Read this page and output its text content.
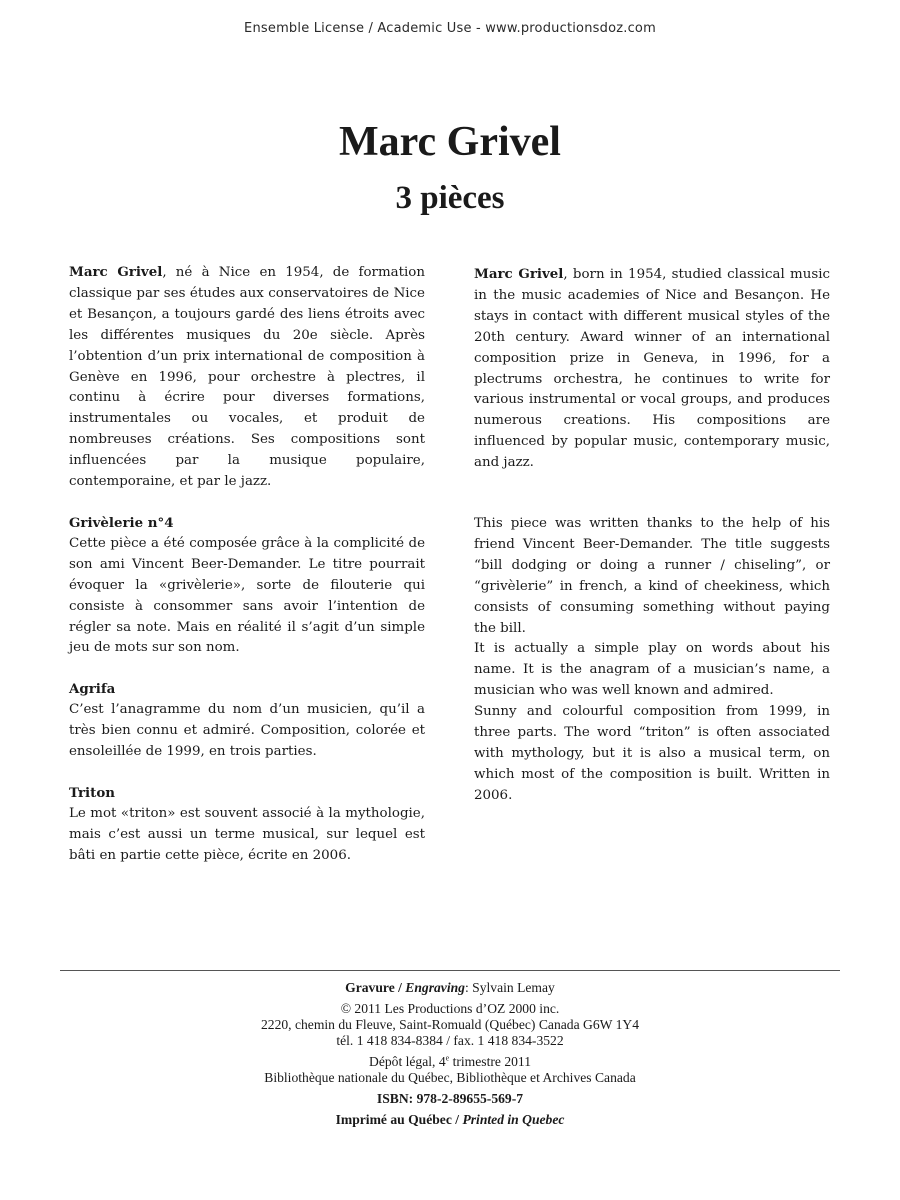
Ensemble License / Academic Use - www.productionsdoz.com
Marc Grivel
3 pièces

Marc Grivel, né à Nice en 1954, de formation classique par ses études aux conservatoires de Nice et Besançon, a toujours gardé des liens étroits avec les différentes musiques du 20e siècle. Après l’obtention d’un prix international de composition à Genève en 1996, pour orchestre à plectres, il continu à écrire pour diverses formations, instrumentales ou vocales, et produit de nombreuses créations. Ses compositions sont influencées par la musique populaire, contemporaine, et par le jazz.

Marc Grivel, born in 1954, studied classical music in the music academies of Nice and Besançon. He stays in contact with different musical styles of the 20th century. Award winner of an international composition prize in Geneva, in 1996, for a plectrums orchestra, he continues to write for various instrumental or vocal groups, and produces numerous creations. His compositions are influenced by popular music, contemporary music, and jazz.

Grivèlerie n°4

Cette pièce a été composée grâce à la complicité de son ami Vincent Beer-Demander. Le titre pourrait évoquer la «grivèlerie», sorte de filouterie qui consiste à consommer sans avoir l’intention de régler sa note. Mais en réalité il s’agit d’un simple jeu de mots sur son nom.

Agrifa

C’est l’anagramme du nom d’un musicien, qu’il a très bien connu et admiré. Composition, colorée et ensoleillée de 1999, en trois parties.

Triton

Le mot «triton» est souvent associé à la mythologie, mais c’est aussi un terme musical, sur lequel est bâti en partie cette pièce, écrite en 2006.

This piece was written thanks to the help of his friend Vincent Beer-Demander. The title suggests “bill dodging or doing a runner / chiseling”, or “grivèlerie” in french, a kind of cheekiness, which consists of consuming something without paying the bill.

It is actually a simple play on words about his name. It is the anagram of a musician’s name, a musician who was well known and admired.

Sunny and colourful composition from 1999, in three parts. The word “triton” is often associated with mythology, but it is also a musical term, on which most of the composition is built. Written in 2006.

Gravure / Engraving: Sylvain Lemay
© 2011 Les Productions d’OZ 2000 inc.
2220, chemin du Fleuve, Saint-Romuald (Québec) Canada G6W 1Y4
tél. 1 418 834-8384 / fax. 1 418 834-3522
Dépôt légal, 4e trimestre 2011
Bibliothèque nationale du Québec, Bibliothèque et Archives Canada
ISBN: 978-2-89655-569-7
Imprimé au Québec / Printed in Quebec
